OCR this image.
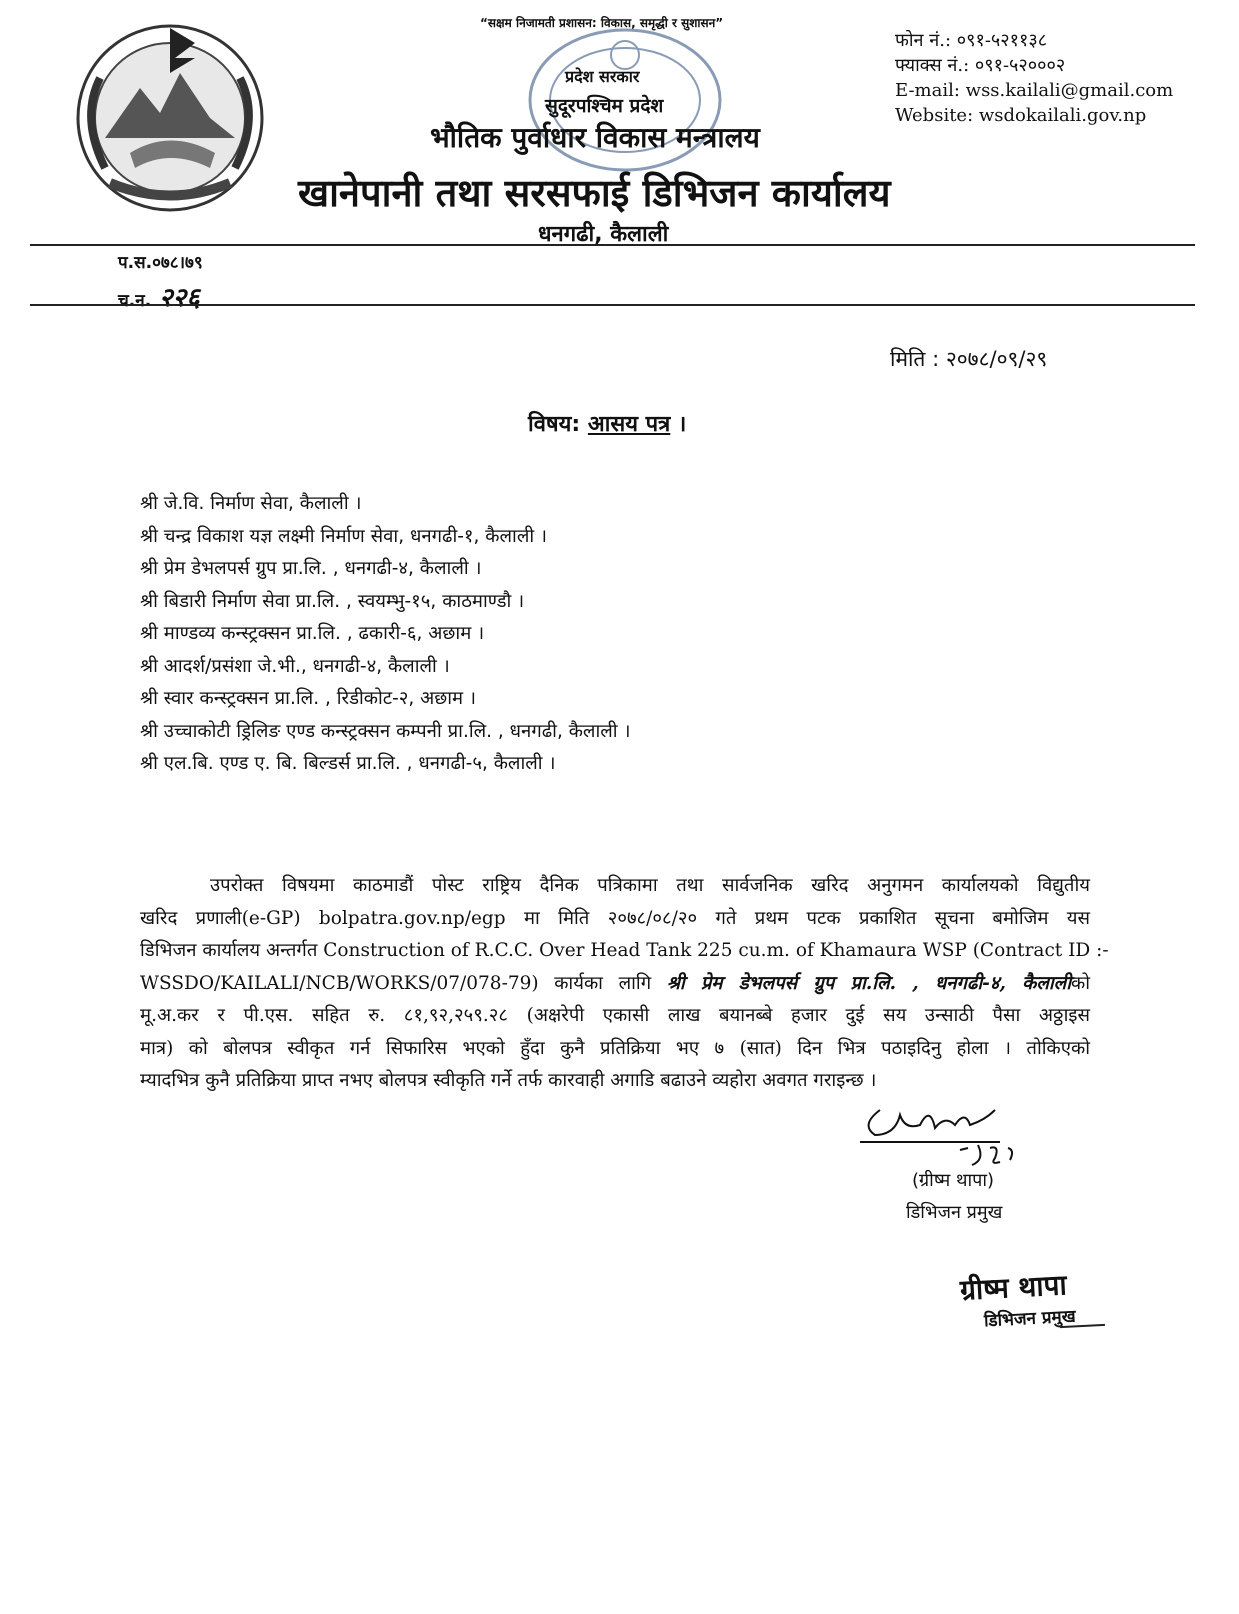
“सक्षम निजामती प्रशासन: विकास, समृद्धी र सुशासन”
प्रदेश सरकार
सुदूरपश्चिम प्रदेश
भौतिक पुर्वाधार विकास मन्त्रालय
खानेपानी तथा सरसफाई डिभिजन कार्यालय
धनगढी, कैलाली
फोन नं.: ०९१-५२११३८
फ्याक्स नं.: ०९१-५२०००२
E-mail: wss.kailali@gmail.com
Website: wsdokailali.gov.np
प.स.०७८।७९
च.न. २२६
मिति : २०७८/०९/२९
विषय: आसय पत्र ।
श्री जे.वि. निर्माण सेवा, कैलाली ।
श्री चन्द्र विकाश यज्ञ लक्ष्मी निर्माण सेवा, धनगढी-१, कैलाली ।
श्री प्रेम डेभलपर्स ग्रुप प्रा.लि. , धनगढी-४, कैलाली ।
श्री बिडारी निर्माण सेवा प्रा.लि. , स्वयम्भु-१५, काठमाण्डौ ।
श्री माण्डव्य कन्स्ट्रक्सन प्रा.लि. , ढकारी-६, अछाम ।
श्री आदर्श/प्रसंशा जे.भी., धनगढी-४, कैलाली ।
श्री स्वार कन्स्ट्रक्सन प्रा.लि. , रिडीकोट-२, अछाम ।
श्री उच्चाकोटी ड्रिलिङ एण्ड कन्स्ट्रक्सन कम्पनी प्रा.लि. , धनगढी, कैलाली ।
श्री एल.बि. एण्ड ए. बि. बिल्डर्स प्रा.लि. , धनगढी-५, कैलाली ।
उपरोक्त विषयमा काठमाडौं पोस्ट राष्ट्रिय दैनिक पत्रिकामा तथा सार्वजनिक खरिद अनुगमन कार्यालयको विद्युतीय
खरिद प्रणाली(e-GP) bolpatra.gov.np/egp मा मिति २०७८/०८/२० गते प्रथम पटक प्रकाशित सूचना बमोजिम यस
डिभिजन कार्यालय अन्तर्गत Construction of R.C.C. Over Head Tank 225 cu.m. of Khamaura WSP (Contract ID :-
WSSDO/KAILALI/NCB/WORKS/07/078-79) कार्यका लागि श्री प्रेम डेभलपर्स ग्रुप प्रा.लि. , धनगढी-४, कैलालीको
मू.अ.कर र पी.एस. सहित रु. ८१,९२,२५९.२८ (अक्षरेपी एकासी लाख बयानब्बे हजार दुई सय उन्साठी पैसा अठ्ठाइस
मात्र) को बोलपत्र स्वीकृत गर्न सिफारिस भएको हुँदा कुनै प्रतिक्रिया भए ७ (सात) दिन भित्र पठाइदिनु होला । तोकिएको
म्यादभित्र कुनै प्रतिक्रिया प्राप्त नभए बोलपत्र स्वीकृति गर्ने तर्फ कारवाही अगाडि बढाउने व्यहोरा अवगत गराइन्छ ।
(ग्रीष्म थापा)
डिभिजन प्रमुख
ग्रीष्म थापा
डिभिजन प्रमुख
